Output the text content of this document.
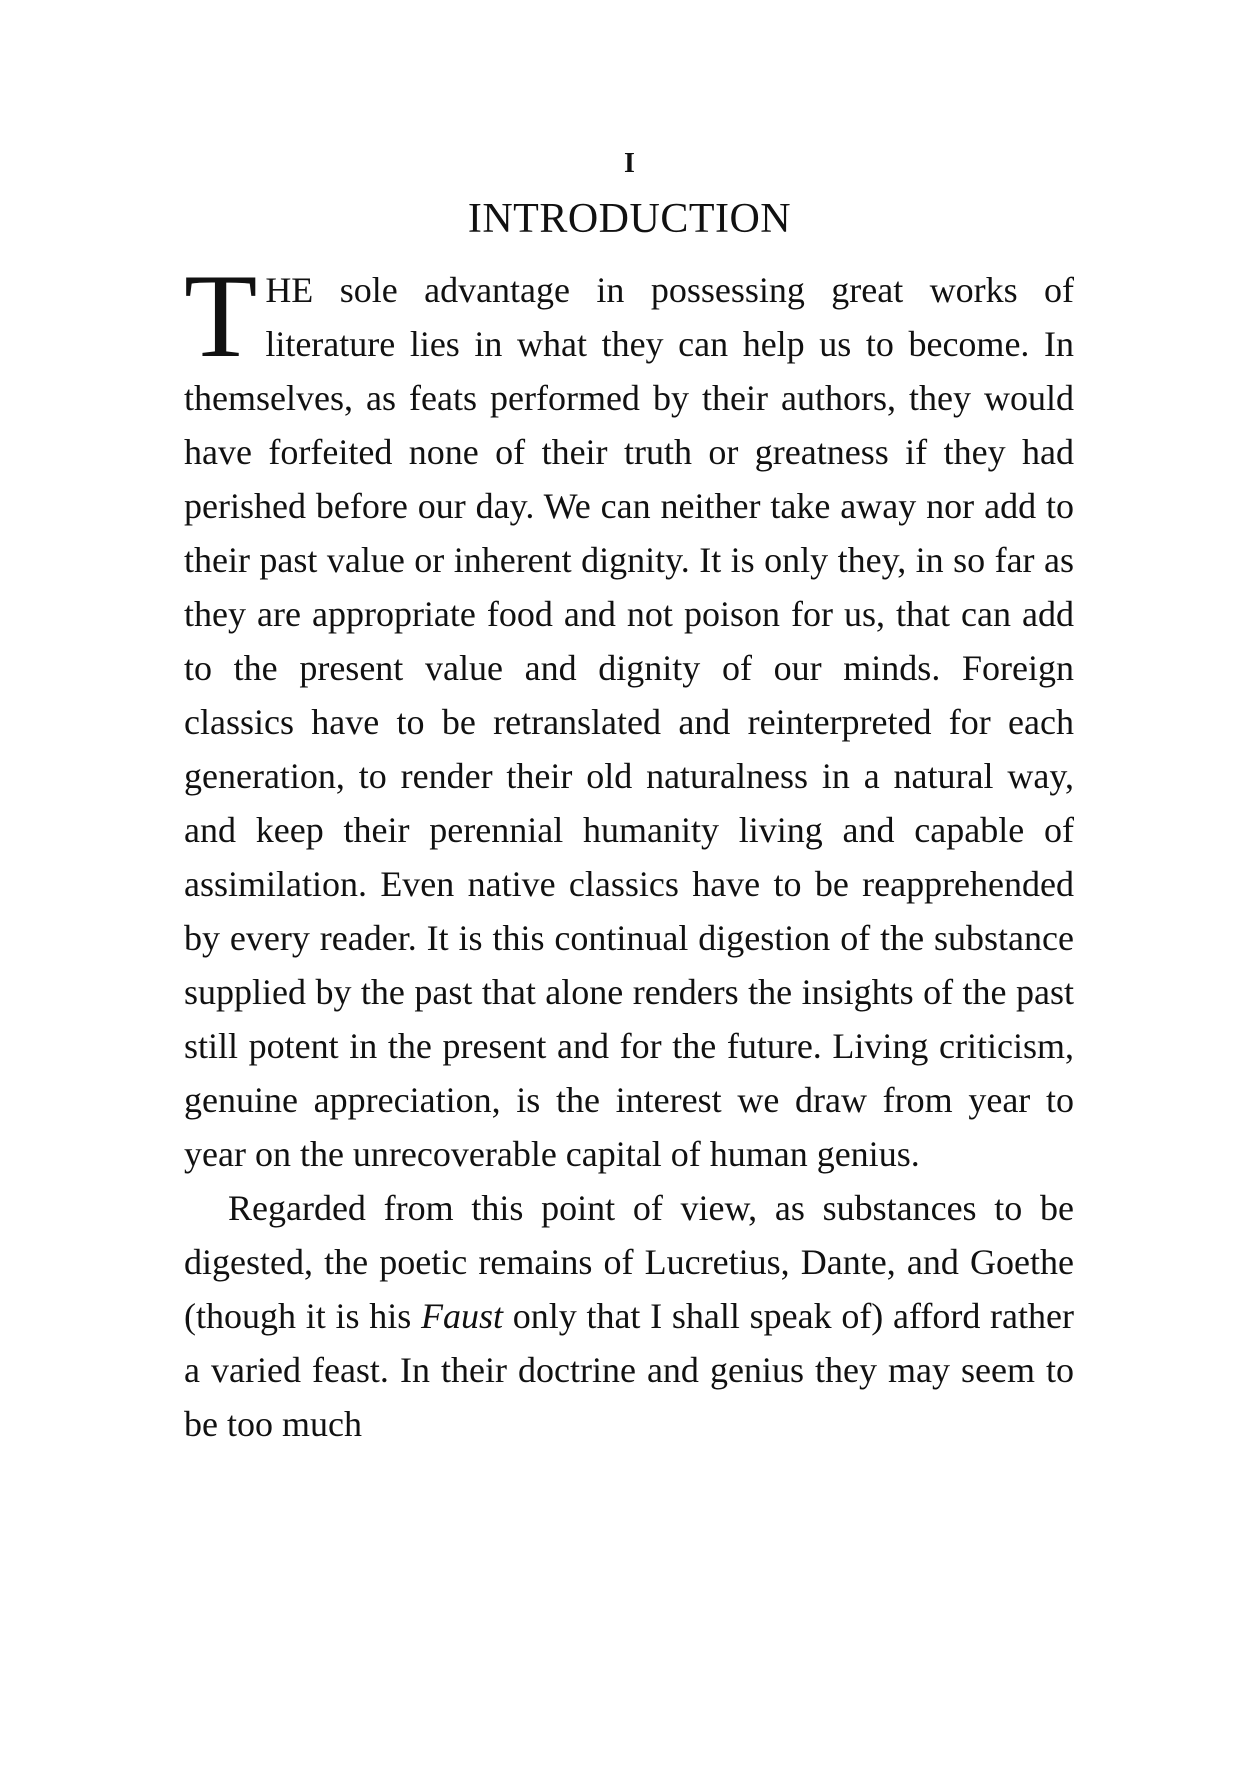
I
INTRODUCTION

THE sole advantage in possessing great works of literature lies in what they can help us to become. In themselves, as feats performed by their authors, they would have forfeited none of their truth or greatness if they had perished before our day. We can neither take away nor add to their past value or inherent dignity. It is only they, in so far as they are appropriate food and not poison for us, that can add to the present value and dignity of our minds. Foreign classics have to be retranslated and reinterpreted for each generation, to render their old naturalness in a natural way, and keep their perennial humanity living and capable of assimilation. Even native classics have to be reapprehended by every reader. It is this continual digestion of the substance supplied by the past that alone renders the insights of the past still potent in the present and for the future. Living criticism, genuine appreciation, is the interest we draw from year to year on the unrecoverable capital of human genius.

Regarded from this point of view, as substances to be digested, the poetic remains of Lucretius, Dante, and Goethe (though it is his Faust only that I shall speak of) afford rather a varied feast. In their doctrine and genius they may seem to be too much
